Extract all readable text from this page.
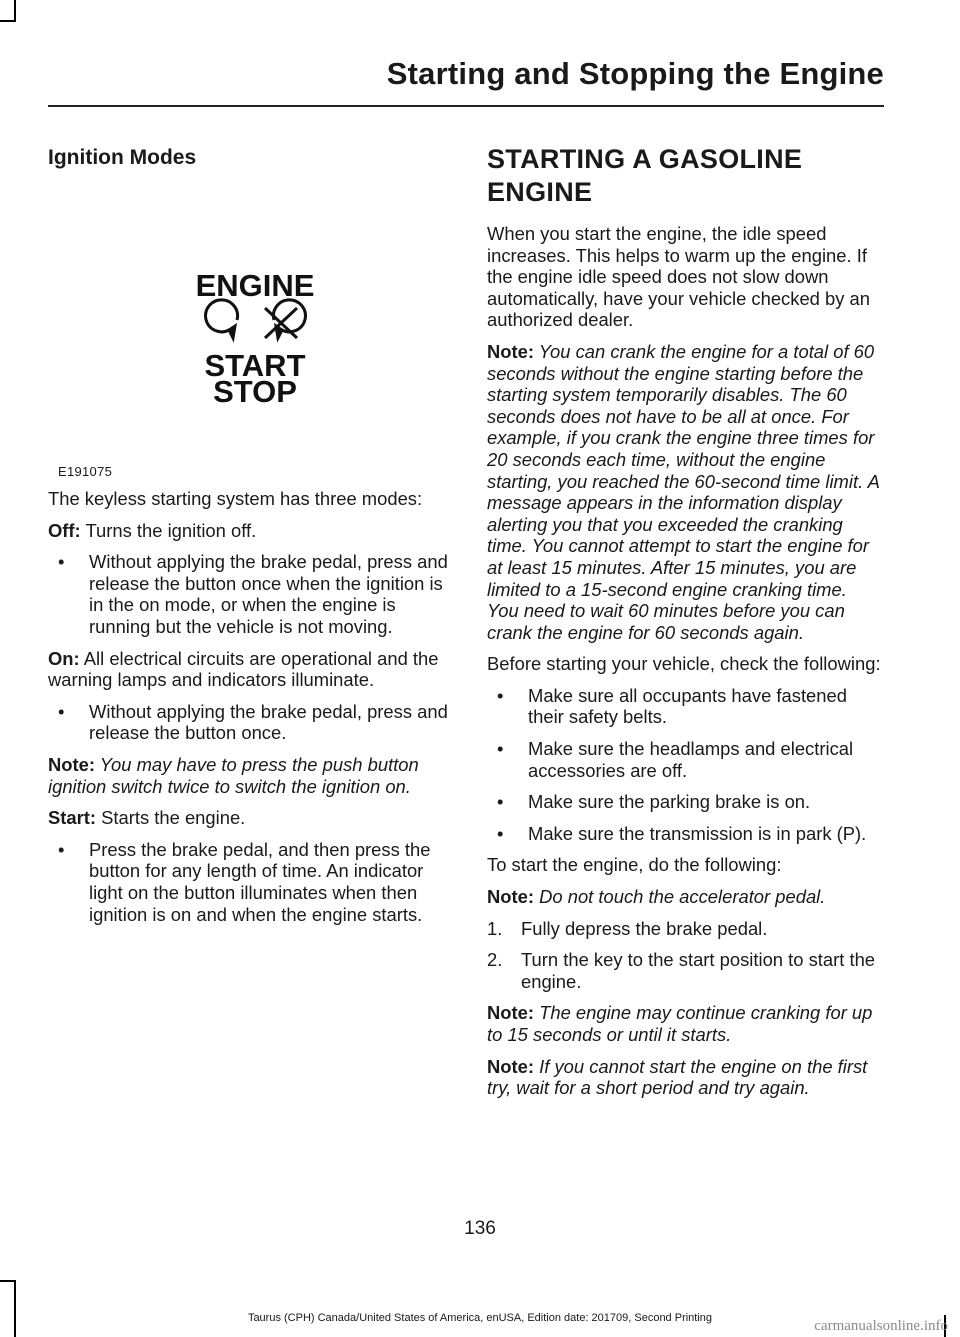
Starting and Stopping the Engine
Ignition Modes
ENGINE
START
STOP
E191075

The keyless starting system has three modes:

Off: Turns the ignition off.

• Without applying the brake pedal, press and release the button once when the ignition is in the on mode, or when the engine is running but the vehicle is not moving.

On: All electrical circuits are operational and the warning lamps and indicators illuminate.

• Without applying the brake pedal, press and release the button once.

Note: You may have to press the push button ignition switch twice to switch the ignition on.

Start: Starts the engine.

• Press the brake pedal, and then press the button for any length of time. An indicator light on the button illuminates when then ignition is on and when the engine starts.
STARTING A GASOLINE ENGINE

When you start the engine, the idle speed increases. This helps to warm up the engine. If the engine idle speed does not slow down automatically, have your vehicle checked by an authorized dealer.

Note: You can crank the engine for a total of 60 seconds without the engine starting before the starting system temporarily disables. The 60 seconds does not have to be all at once. For example, if you crank the engine three times for 20 seconds each time, without the engine starting, you reached the 60-second time limit. A message appears in the information display alerting you that you exceeded the cranking time. You cannot attempt to start the engine for at least 15 minutes. After 15 minutes, you are limited to a 15-second engine cranking time. You need to wait 60 minutes before you can crank the engine for 60 seconds again.

Before starting your vehicle, check the following:

• Make sure all occupants have fastened their safety belts.
• Make sure the headlamps and electrical accessories are off.
• Make sure the parking brake is on.
• Make sure the transmission is in park (P).

To start the engine, do the following:

Note: Do not touch the accelerator pedal.

1. Fully depress the brake pedal.
2. Turn the key to the start position to start the engine.

Note: The engine may continue cranking for up to 15 seconds or until it starts.

Note: If you cannot start the engine on the first try, wait for a short period and try again.

136
Taurus (CPH) Canada/United States of America, enUSA, Edition date: 201709, Second Printing	carmanualsonline.info
